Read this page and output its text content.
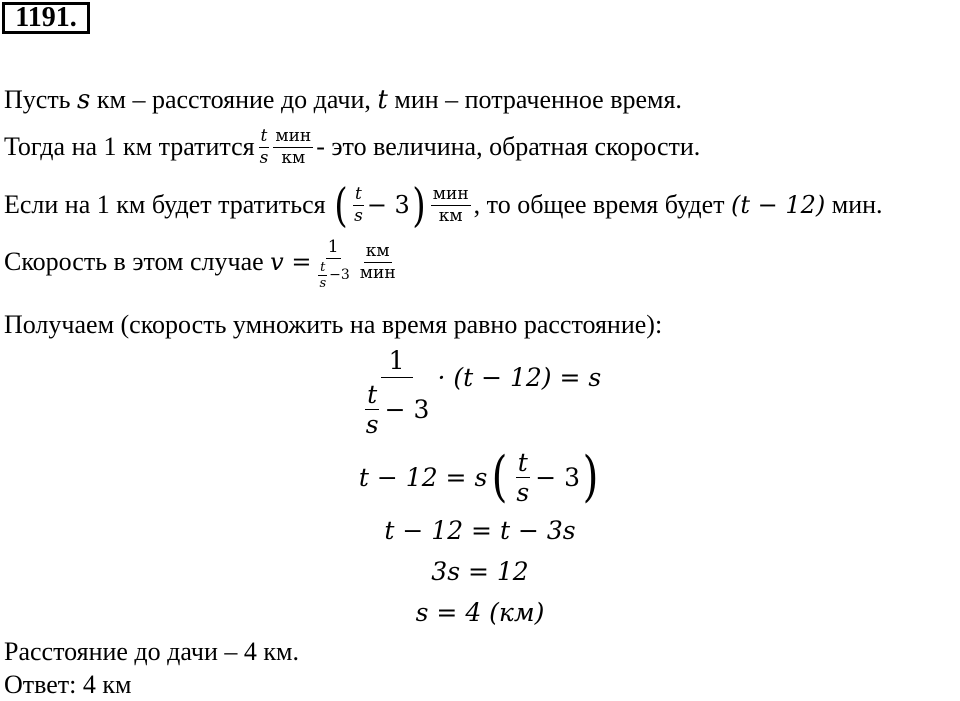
1191.
Пусть
s
км – расстояние до дачи,
t
мин – потраченное время.
Тогда на 1 км тратится $\frac{t}{s} \frac{\text{мин}}{км}$ - это величина, обратная скорости.
Если на 1 км будет тратиться
( $\frac{t}{s} - 3$ ) $\frac{\text{мин}}{км}$ , то общее время будет
(t − 12)
мин.
Скорость в этом случае
$v = \frac{1}{\frac{t}{s} -3} \frac{км}{\text{мин}}$
Получаем (скорость умножить на время равно расстояние):
$\frac{1}{\frac{t}{s} - 3} \cdot (t - 12) = s$
t − 12 = s ( $\frac{t}{s} - 3$ )
t − 12 = t − 3s
3s = 12
s = 4 (км)
Расстояние до дачи – 4 км.
Ответ: 4 км
